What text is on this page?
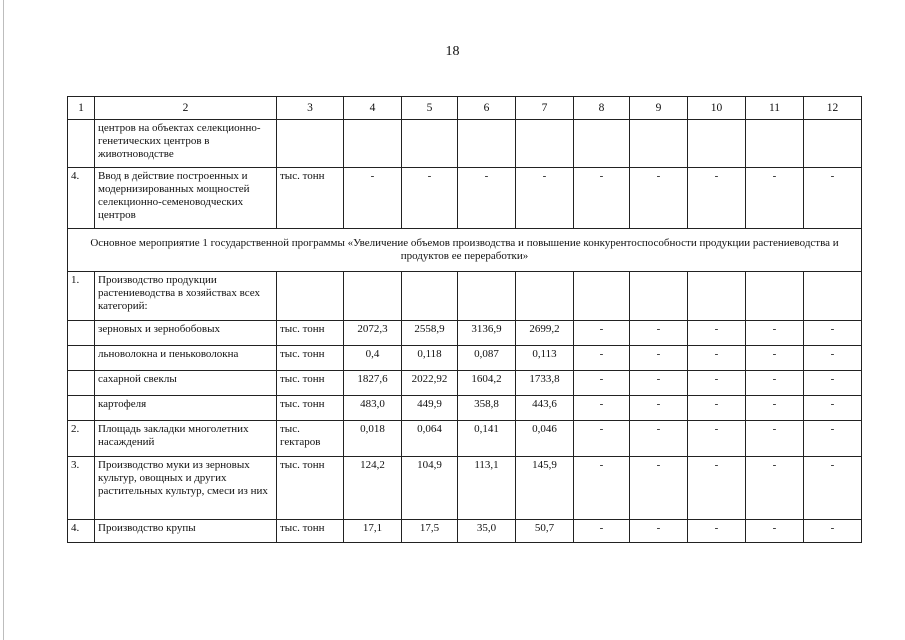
18
1	2	3	4	5	6	7	8	9	10	11	12
	центров на объектах селекционно-генетических центров в животноводстве										
4.	Ввод в действие построенных и модернизированных мощностей селекционно-семеноводческих центров	тыс. тонн	-	-	-	-	-	-	-	-	-
Основное мероприятие 1 государственной программы «Увеличение объемов производства и повышение конкурентоспособности продукции растениеводства и продуктов ее переработки»											
1.	Производство продукции растениеводства в хозяйствах всех категорий:										
	зерновых и зернобобовых	тыс. тонн	2072,3	2558,9	3136,9	2699,2	-	-	-	-	-
	льноволокна и пеньковолокна	тыс. тонн	0,4	0,118	0,087	0,113	-	-	-	-	-
	сахарной свеклы	тыс. тонн	1827,6	2022,92	1604,2	1733,8	-	-	-	-	-
	картофеля	тыс. тонн	483,0	449,9	358,8	443,6	-	-	-	-	-
2.	Площадь закладки многолетних насаждений	тыс. гектаров	0,018	0,064	0,141	0,046	-	-	-	-	-
3.	Производство муки из зерновых культур, овощных и других растительных культур, смеси из них	тыс. тонн	124,2	104,9	113,1	145,9	-	-	-	-	-
4.	Производство крупы	тыс. тонн	17,1	17,5	35,0	50,7	-	-	-	-	-
